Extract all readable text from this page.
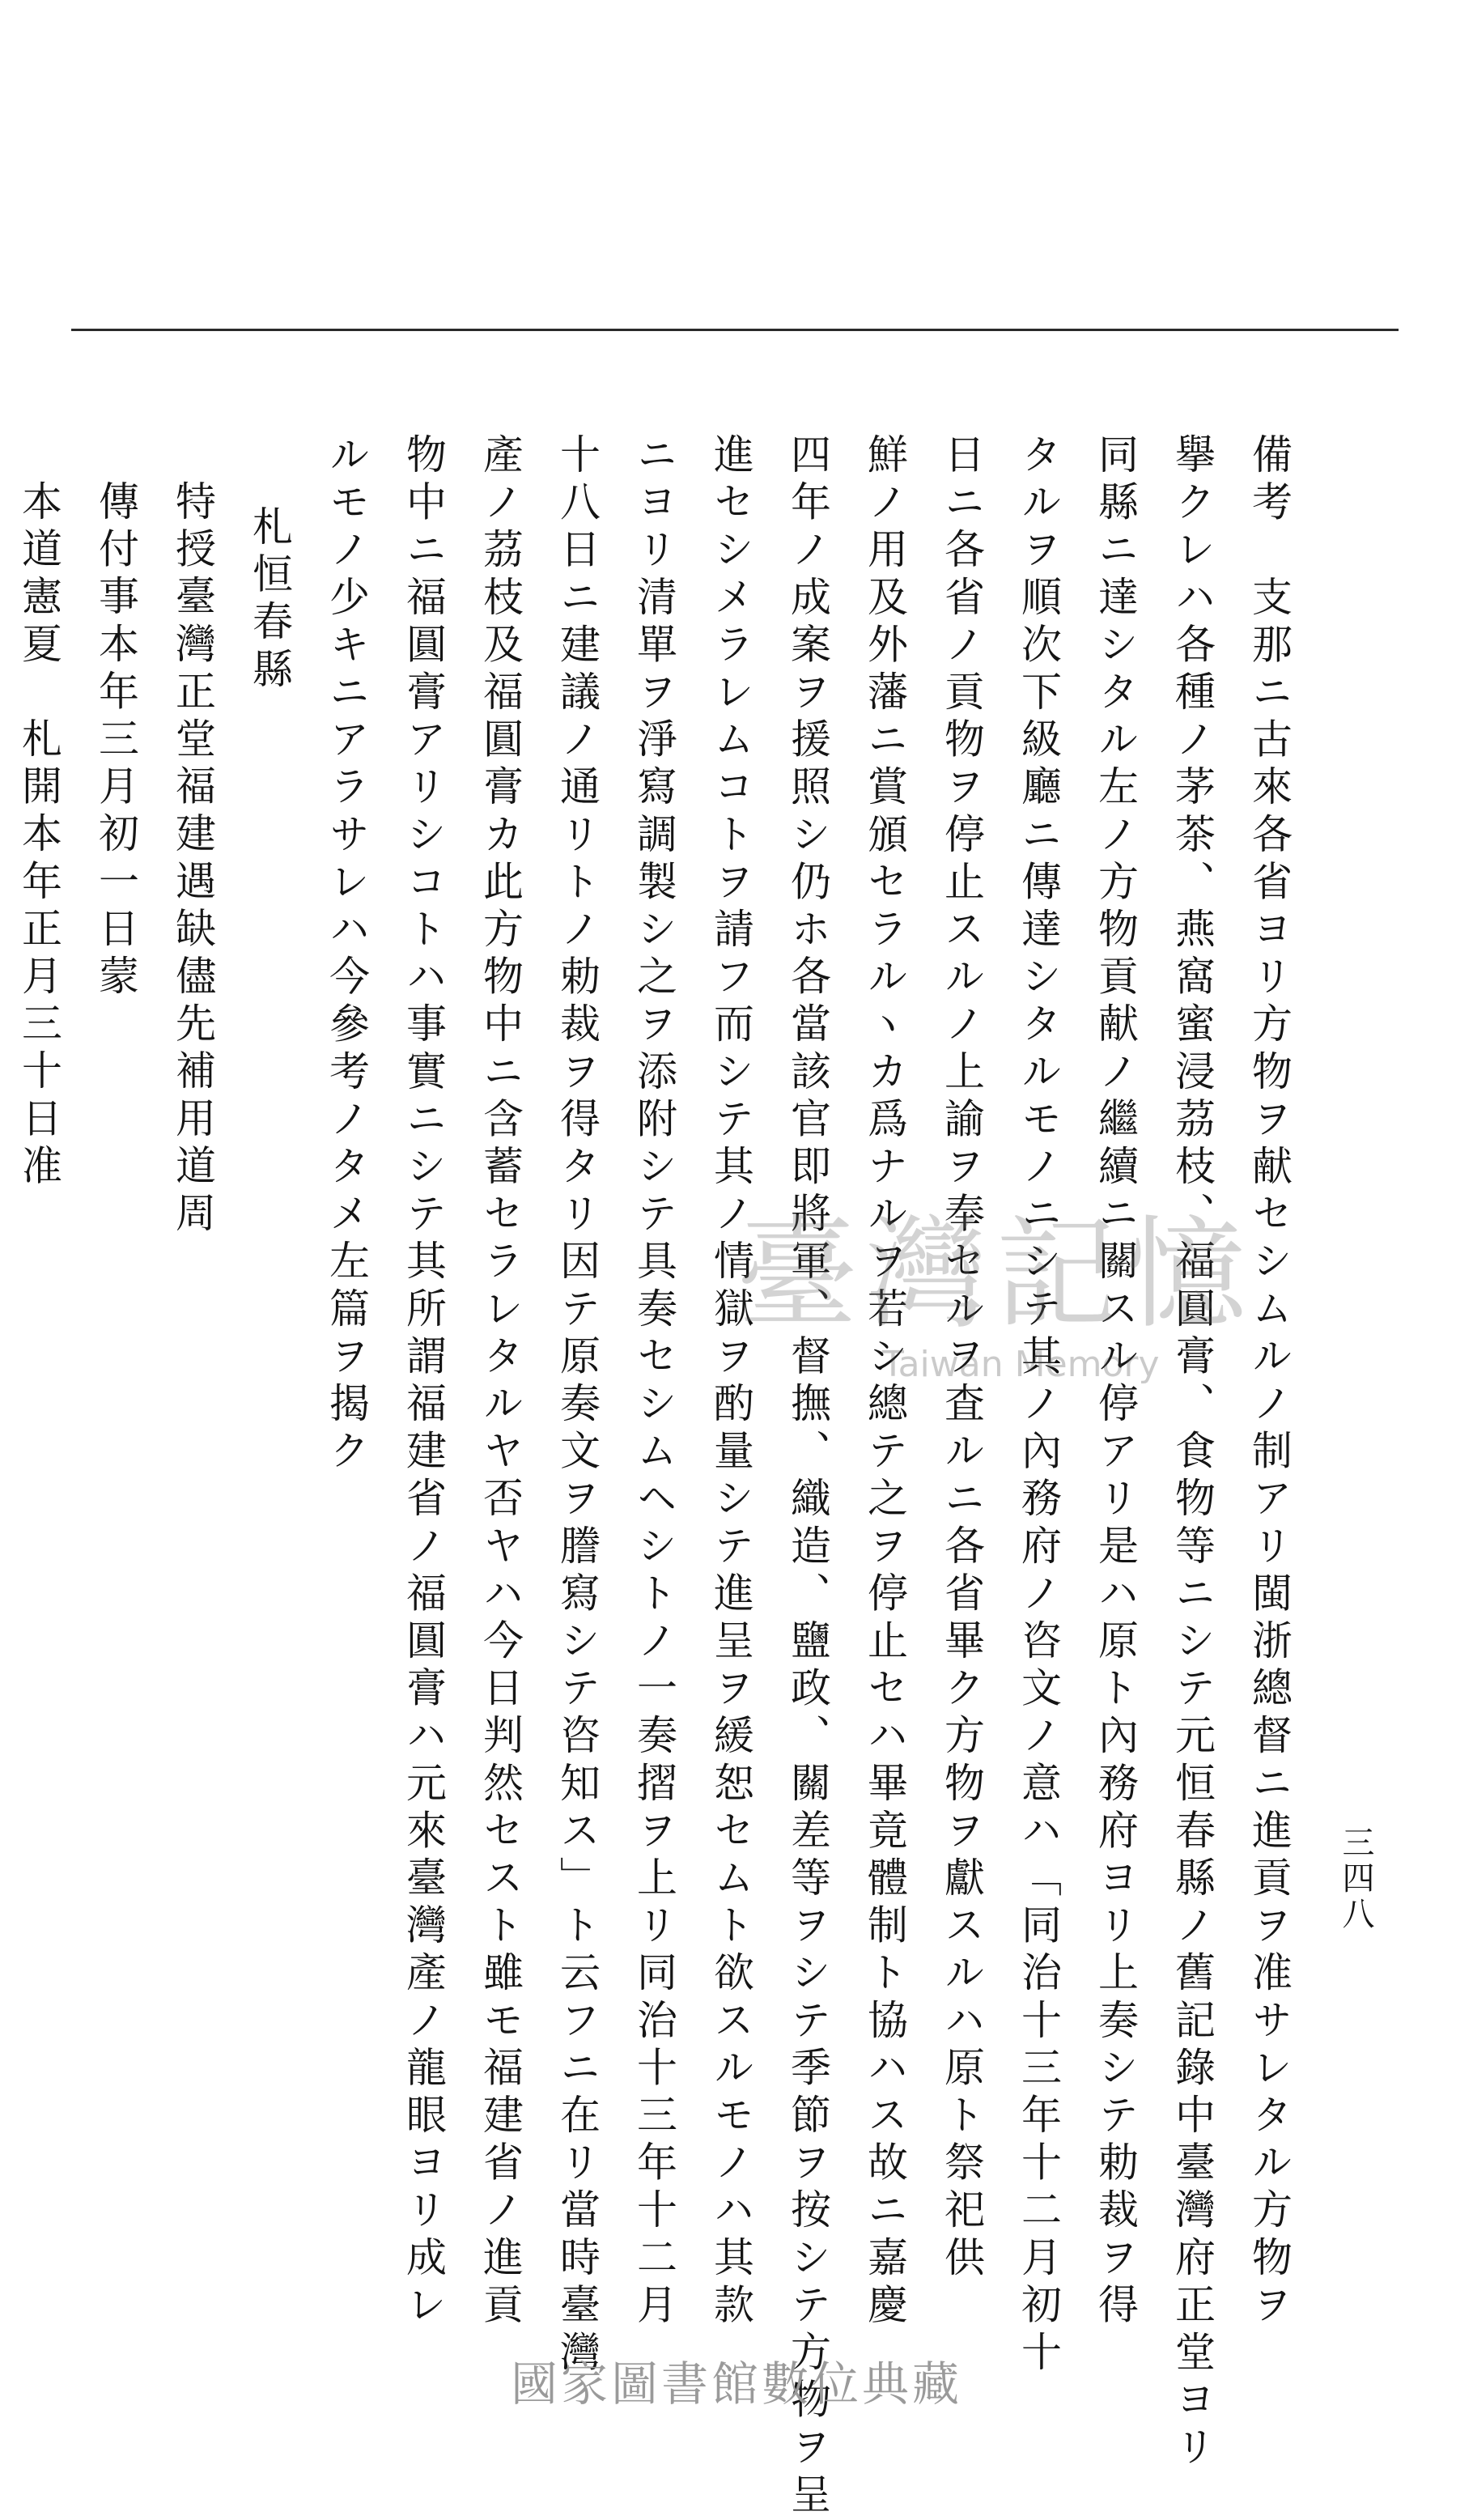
三四八
備考　支那ニ古來各省ヨリ方物ヲ献セシムルノ制アリ閩浙總督ニ進貢ヲ准サレタル方物ヲ
擧クレハ各種ノ茅茶、燕窩蜜浸茘枝、福圓膏、食物等ニシテ元恒春縣ノ舊記錄中臺灣府正堂ヨリ
同縣ニ達シタル左ノ方物貢献ノ繼續ニ關スル停アリ是ハ原ト內務府ヨリ上奏シテ勅裁ヲ得
タルヲ順次下級廳ニ傳達シタルモノニシテ其ノ內務府ノ咨文ノ意ハ「同治十三年十二月初十
日ニ各省ノ貢物ヲ停止スルノ上諭ヲ奉セルヲ査ルニ各省畢ク方物ヲ獻スルハ原ト祭祀供
鮮ノ用及外藩ニ賞頒セラルヽカ爲ナルヲ若シ總テ之ヲ停止セハ畢竟體制ト協ハス故ニ嘉慶
四年ノ成案ヲ援照シ仍ホ各當該官即將軍、督撫、織造、鹽政、關差等ヲシテ季節ヲ按シテ方物ヲ呈
進セシメラレムコトヲ請フ而シテ其ノ情獄ヲ酌量シテ進呈ヲ緩恕セムト欲スルモノハ其款
ニヨリ清單ヲ淨寫調製シ之ヲ添附シテ具奏セシムヘシトノ一奏摺ヲ上リ同治十三年十二月
十八日ニ建議ノ通リトノ勅裁ヲ得タリ因テ原奏文ヲ謄寫シテ咨知ス」ト云フニ在リ當時臺灣
產ノ茘枝及福圓膏カ此方物中ニ含蓄セラレタルヤ否ヤハ今日判然セスト雖モ福建省ノ進貢
物中ニ福圓膏アリシコトハ事實ニシテ其所謂福建省ノ福圓膏ハ元來臺灣產ノ龍眼ヨリ成レ
ルモノ少キニアラサレハ今參考ノタメ左篇ヲ揭ク
札恒春縣
特授臺灣正堂福建遇缺儘先補用道周
傳付事本年三月初一日蒙
本道憲夏　札開本年正月三十日准
臺灣記憶
Taiwan Memory
國家圖書館數位典藏
